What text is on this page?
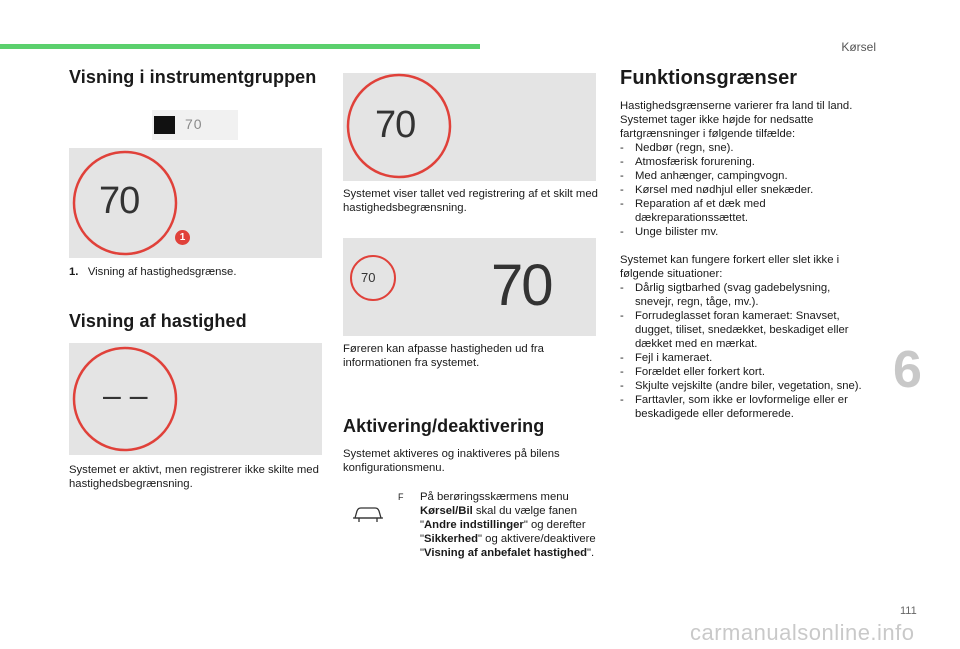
Kørsel
Visning i instrumentgruppen
70
70
1
1. Visning af hastighedsgrænse.
Visning af hastighed
– –
Systemet er aktivt, men registrerer ikke skilte med hastighedsbegrænsning.
70
Systemet viser tallet ved registrering af et skilt med hastighedsbegrænsning.
70 70
Føreren kan afpasse hastigheden ud fra informationen fra systemet.
Aktivering/deaktivering
Systemet aktiveres og inaktiveres på bilens konfigurationsmenu.
F På berøringsskærmens menu Kørsel/Bil skal du vælge fanen "Andre indstillinger" og derefter "Sikkerhed" og aktivere/deaktivere "Visning af anbefalet hastighed".
Funktionsgrænser
Hastighedsgrænserne varierer fra land til land. Systemet tager ikke højde for nedsatte fartgrænsninger i følgende tilfælde:
- Nedbør (regn, sne).
- Atmosfærisk forurening.
- Med anhænger, campingvogn.
- Kørsel med nødhjul eller snekæder.
- Reparation af et dæk med dækreparationssættet.
- Unge bilister mv.
Systemet kan fungere forkert eller slet ikke i følgende situationer:
- Dårlig sigtbarhed (svag gadebelysning, snevejr, regn, tåge, mv.).
- Forrudeglasset foran kameraet: Snavset, dugget, tiliset, snedækket, beskadiget eller dækket med en mærkat.
- Fejl i kameraet.
- Forældet eller forkert kort.
- Skjulte vejskilte (andre biler, vegetation, sne).
- Farttavler, som ikke er lovformelige eller er beskadigede eller deformerede.
6
111
carmanualsonline.info
